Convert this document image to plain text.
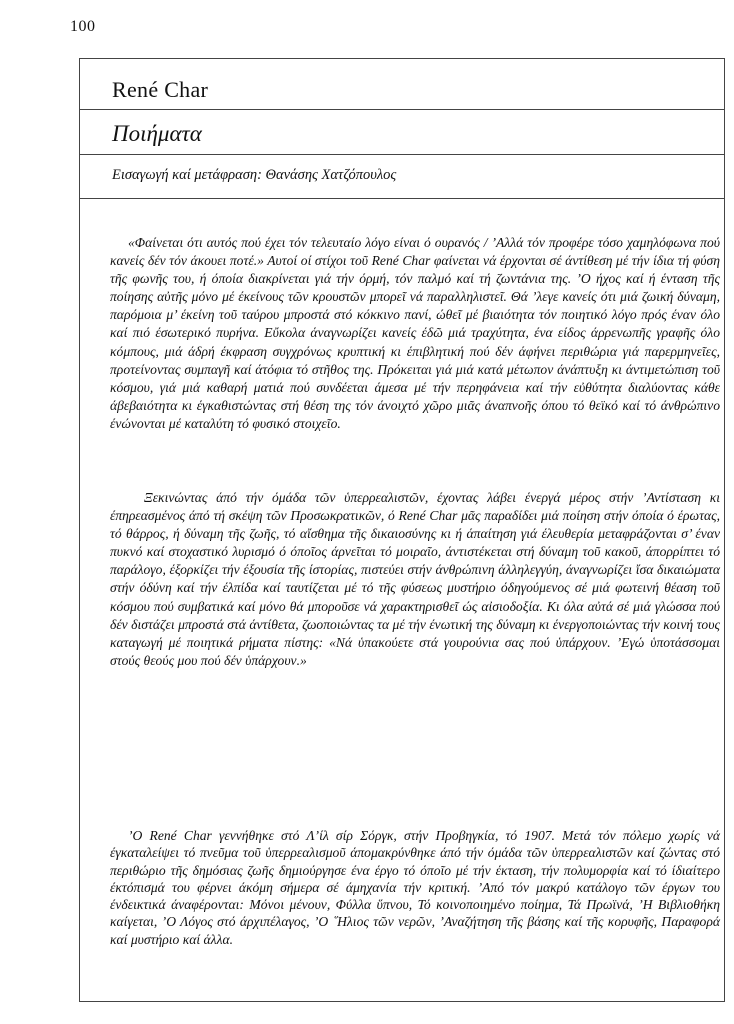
100
René Char
Ποιήματα
Εισαγωγή καί μετάφραση: Θανάσης Χατζόπουλος

«Φαίνεται ότι αυτός πού έχει τόν τελευταίο λόγο είναι ό ουρανός / ’Αλλά τόν προφέρε τόσο χαμηλόφωνα πού κανείς δέν τόν άκουει ποτέ.» Αυτοί οί στίχοι τοῦ René Char φαίνεται νά έρχονται σέ άντίθεση μέ τήν ίδια τή φύση τῆς φωνῆς του, ή όποία διακρίνεται γιά τήν όρμή, τόν παλμό καί τή ζωντάνια της. ’Ο ήχος καί ή ένταση τῆς ποίησης αὐτῆς μόνο μέ έκείνους τῶν κρουστῶν μπορεῖ νά παραλληλιστεῖ. Θά ’λεγε κανείς ότι μιά ζωική δύναμη, παρόμοια μ’ έκείνη τοῦ ταύρου μπροστά στό κόκκινο πανί, ώθεῖ μέ βιαιότητα τόν ποιητικό λόγο πρός έναν όλο καί πιό έσωτερικό πυρήνα. Εὔκολα άναγνωρίζει κανείς έδῶ μιά τραχύτητα, ένα είδος άρρενωπῆς γραφῆς όλο κόμπους, μιά άδρή έκφραση συγχρόνως κρυπτική κι έπιβλητική πού δέν άφήνει περιθώρια γιά παρερμηνεῖες, προτείνοντας συμπαγῆ καί άτόφια τό στῆθος της. Πρόκειται γιά μιά κατά μέτωπον άνάπτυξη κι άντιμετώπιση τοῦ κόσμου, γιά μιά καθαρή ματιά πού συνδέεται άμεσα μέ τήν περηφάνεια καί τήν εὐθύτητα διαλύοντας κάθε άβεβαιότητα κι έγκαθιστώντας στή θέση της τόν άνοιχτό χῶρο μιᾶς άναπνοῆς όπου τό θεϊκό καί τό άνθρώπινο ένώνονται μέ καταλύτη τό φυσικό στοιχεῖο.

Ξεκινώντας άπό τήν όμάδα τῶν ὑπερρεαλιστῶν, έχοντας λάβει ένεργά μέρος στήν ’Αντίσταση κι έπηρεασμένος άπό τή σκέψη τῶν Προσωκρατικῶν, ό René Char μᾶς παραδίδει μιά ποίηση στήν όποία ό έρωτας, τό θάρρος, ή δύναμη τῆς ζωῆς, τό αἴσθημα τῆς δικαιοσύνης κι ή άπαίτηση γιά έλευθερία μεταφράζονται σ’ έναν πυκνό καί στοχαστικό λυρισμό ό όποῖος άρνεῖται τό μοιραῖο, άντιστέκεται στή δύναμη τοῦ κακοῦ, άπορρίπτει τό παράλογο, έξορκίζει τήν έξουσία τῆς ίστορίας, πιστεύει στήν άνθρώπινη άλληλεγγύη, άναγνωρίζει ἴσα δικαιώματα στήν όδύνη καί τήν έλπίδα καί ταυτίζεται μέ τό τῆς φύσεως μυστήριο όδηγούμενος σέ μιά φωτεινή θέαση τοῦ κόσμου πού συμβατικά καί μόνο θά μποροῦσε νά χαρακτηρισθεῖ ώς αἰσιοδοξία. Κι όλα αὐτά σέ μιά γλώσσα πού δέν διστάζει μπροστά στά άντίθετα, ζωοποιώντας τα μέ τήν ένωτική της δύναμη κι ένεργοποιώντας τήν κοινή τους καταγωγή μέ ποιητικά ρήματα πίστης: «Νά ὑπακούετε στά γουρούνια σας πού ὑπάρχουν. ’Εγώ ὑποτάσσομαι στούς θεούς μου πού δέν ὑπάρχουν.»

’Ο René Char γεννήθηκε στό Λ’ίλ σίρ Σόργκ, στήν Προβηγκία, τό 1907. Μετά τόν πόλεμο χωρίς νά έγκαταλείψει τό πνεῦμα τοῦ ὑπερρεαλισμοῦ άπομακρύνθηκε άπό τήν όμάδα τῶν ὑπερρεαλιστῶν καί ζώντας στό περιθώριο τῆς δημόσιας ζωῆς δημιούργησε ένα έργο τό όποῖο μέ τήν έκταση, τήν πολυμορφία καί τό ίδιαίτερο έκτόπισμά του φέρνει άκόμη σήμερα σέ άμηχανία τήν κριτική. ’Από τόν μακρύ κατάλογο τῶν έργων του ένδεικτικά άναφέρονται: Μόνοι μένουν, Φύλλα ὕπνου, Τό κοινοποιημένο ποίημα, Τά Πρωϊνά, ’Η Βιβλιοθήκη καίγεται, ’Ο Λόγος στό άρχιπέλαγος, ’Ο ῞Ηλιος τῶν νερῶν, ’Αναζήτηση τῆς βάσης καί τῆς κορυφῆς, Παραφορά καί μυστήριο καί άλλα.
